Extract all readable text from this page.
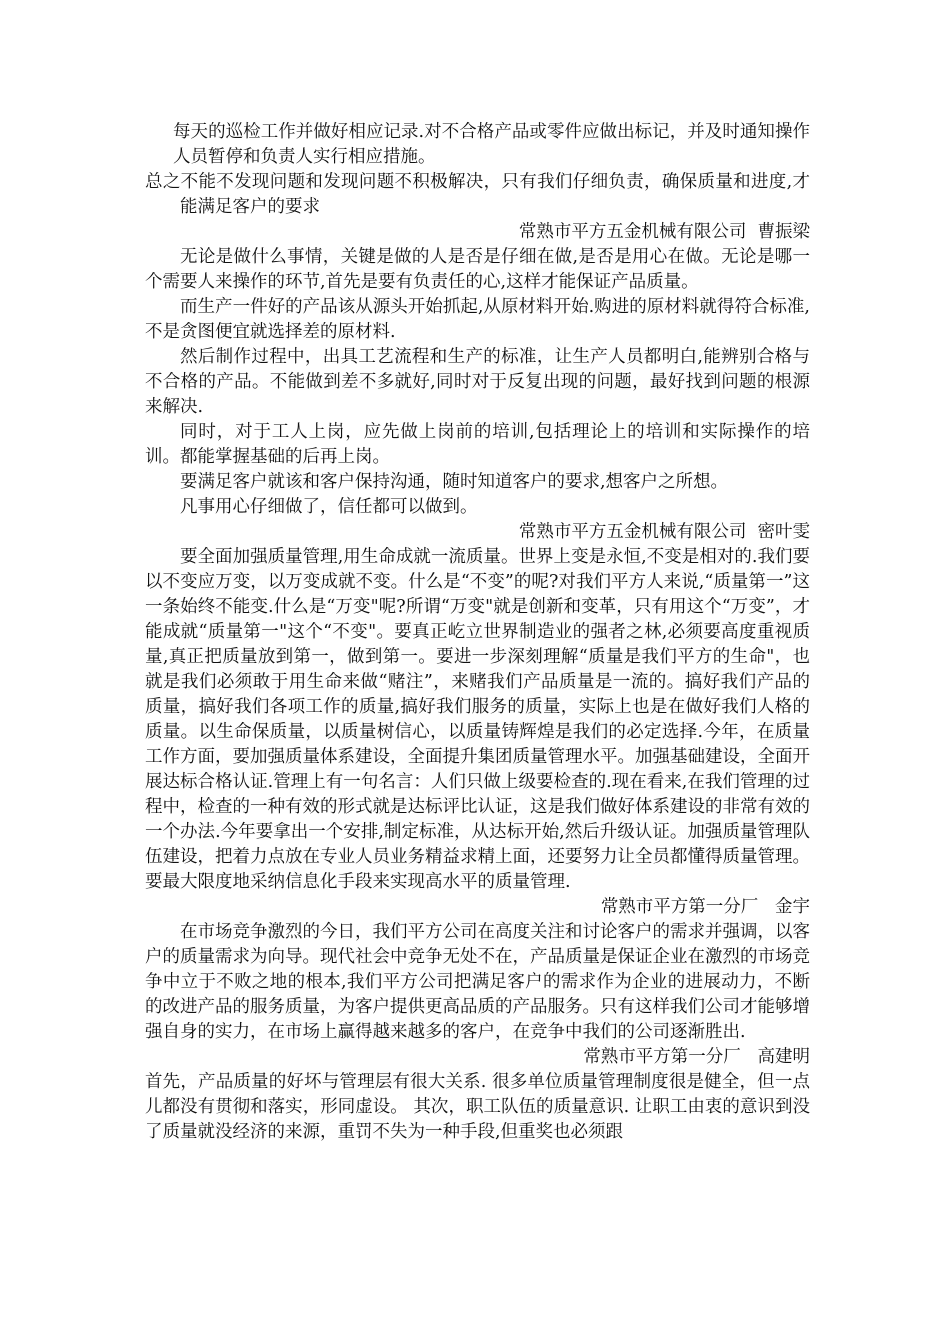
每天的巡检工作并做好相应记录.对不合格产品或零件应做出标记，并及时通知操作人员暂停和负责人实行相应措施。

总之不能不发现问题和发现问题不积极解决，只有我们仔细负责，确保质量和进度,才能满足客户的要求

常熟市平方五金机械有限公司  曹振梁

无论是做什么事情，关键是做的人是否是仔细在做,是否是用心在做。无论是哪一个需要人来操作的环节,首先是要有负责任的心,这样才能保证产品质量。

而生产一件好的产品该从源头开始抓起,从原材料开始.购进的原材料就得符合标准,不是贪图便宜就选择差的原材料.

然后制作过程中，出具工艺流程和生产的标准，让生产人员都明白,能辨别合格与不合格的产品。不能做到差不多就好,同时对于反复出现的问题，最好找到问题的根源来解决.

同时，对于工人上岗，应先做上岗前的培训,包括理论上的培训和实际操作的培训。都能掌握基础的后再上岗。

要满足客户就该和客户保持沟通，随时知道客户的要求,想客户之所想。

凡事用心仔细做了，信任都可以做到。

常熟市平方五金机械有限公司  密叶雯

要全面加强质量管理,用生命成就一流质量。世界上变是永恒,不变是相对的.我们要以不变应万变，以万变成就不变。什么是“不变”的呢?对我们平方人来说,“质量第一”这一条始终不能变.什么是“万变"呢?所谓“万变"就是创新和变革，只有用这个“万变”，才能成就“质量第一"这个“不变"。要真正屹立世界制造业的强者之林,必须要高度重视质量,真正把质量放到第一，做到第一。要进一步深刻理解“质量是我们平方的生命"，也就是我们必须敢于用生命来做“赌注”，来赌我们产品质量是一流的。搞好我们产品的质量，搞好我们各项工作的质量,搞好我们服务的质量，实际上也是在做好我们人格的质量。以生命保质量，以质量树信心，以质量铸辉煌是我们的必定选择.今年，在质量工作方面，要加强质量体系建设，全面提升集团质量管理水平。加强基础建设，全面开展达标合格认证.管理上有一句名言：人们只做上级要检查的.现在看来,在我们管理的过程中，检查的一种有效的形式就是达标评比认证，这是我们做好体系建设的非常有效的一个办法.今年要拿出一个安排,制定标准，从达标开始,然后升级认证。加强质量管理队伍建设，把着力点放在专业人员业务精益求精上面，还要努力让全员都懂得质量管理。要最大限度地采纳信息化手段来实现高水平的质量管理.

常熟市平方第一分厂   金宇

在市场竞争激烈的今日，我们平方公司在高度关注和讨论客户的需求并强调，以客户的质量需求为向导。现代社会中竞争无处不在，产品质量是保证企业在激烈的市场竞争中立于不败之地的根本,我们平方公司把满足客户的需求作为企业的进展动力，不断的改进产品的服务质量，为客户提供更高品质的产品服务。只有这样我们公司才能够增强自身的实力，在市场上赢得越来越多的客户，在竞争中我们的公司逐渐胜出.

常熟市平方第一分厂   高建明

首先，产品质量的好坏与管理层有很大关系. 很多单位质量管理制度很是健全，但一点儿都没有贯彻和落实，形同虚设。 其次，职工队伍的质量意识. 让职工由衷的意识到没了质量就没经济的来源，重罚不失为一种手段,但重奖也必须跟
